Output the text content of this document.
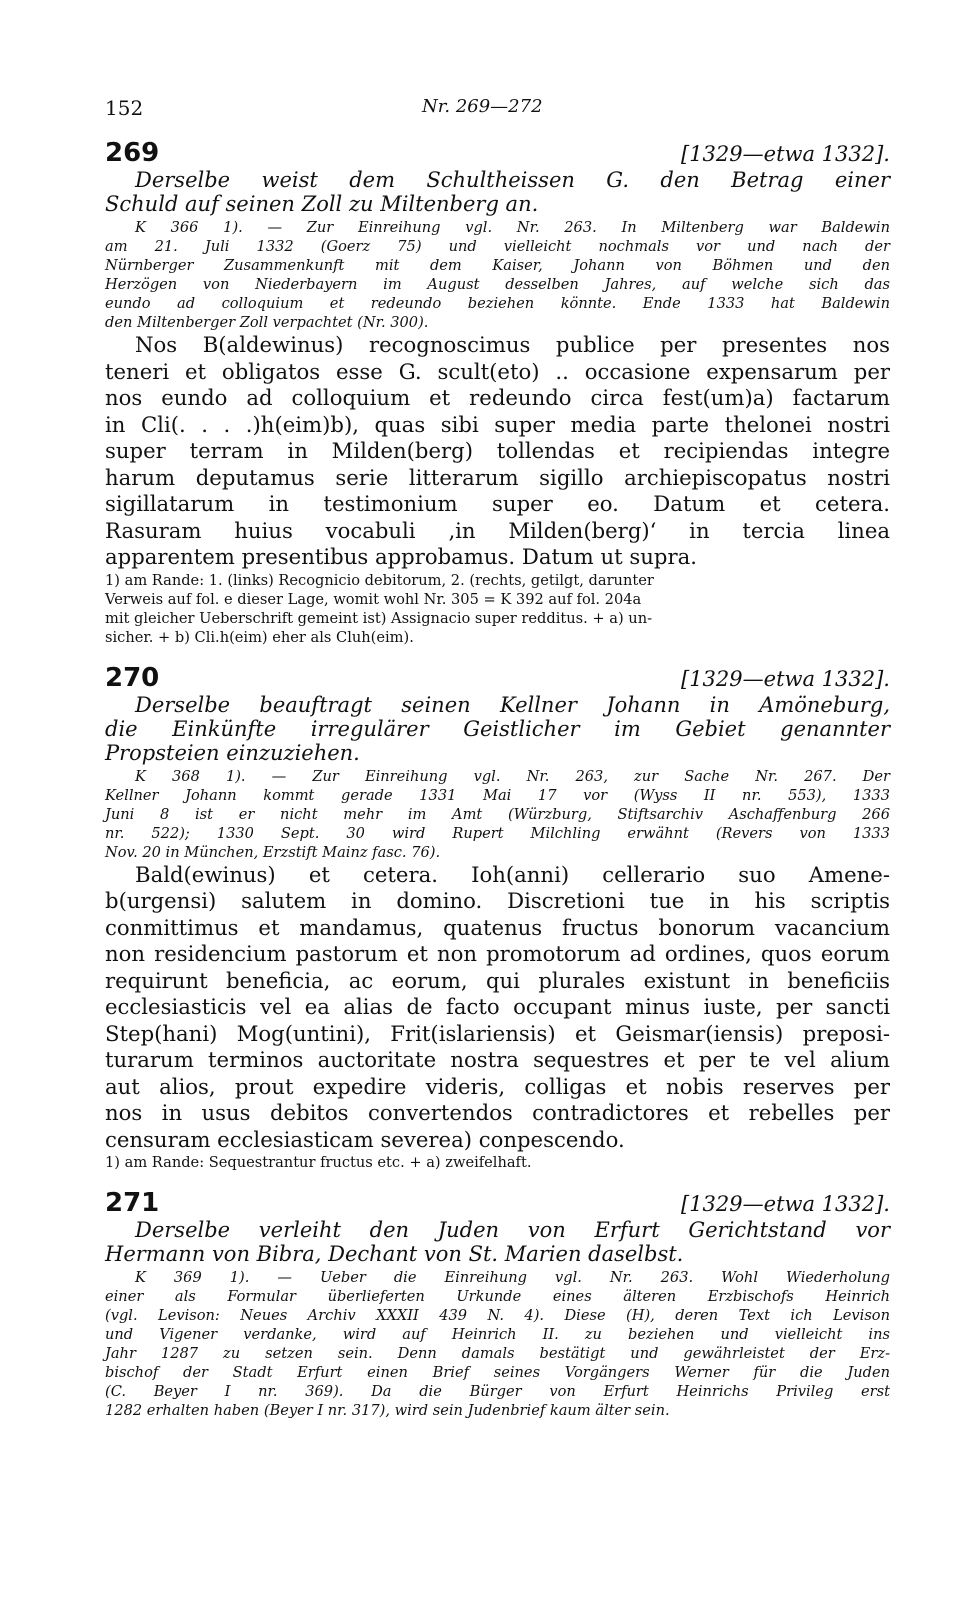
152	Nr. 269—272
269	[1329—etwa 1332].
Derselbe weist dem Schultheissen G. den Betrag einer
Schuld auf seinen Zoll zu Miltenberg an.
K 366 1). — Zur Einreihung vgl. Nr. 263. In Miltenberg war Baldewin
am 21. Juli 1332 (Goerz 75) und vielleicht nochmals vor und nach der
Nürnberger Zusammenkunft mit dem Kaiser, Johann von Böhmen und den
Herzögen von Niederbayern im August desselben Jahres, auf welche sich das
eundo ad colloquium et redeundo beziehen könnte. Ende 1333 hat Baldewin
den Miltenberger Zoll verpachtet (Nr. 300).
Nos B(aldewinus) recognoscimus publice per presentes nos
teneri et obligatos esse G. scult(eto) .. occasione expensarum per
nos eundo ad colloquium et redeundo circa fest(um)a) factarum
in Cli(. . . .)h(eim)b), quas sibi super media parte thelonei nostri
super terram in Milden(berg) tollendas et recipiendas integre
harum deputamus serie litterarum sigillo archiepiscopatus nostri
sigillatarum in testimonium super eo. Datum et cetera.
Rasuram huius vocabuli ‚in Milden(berg)‘ in tercia linea
apparentem presentibus approbamus. Datum ut supra.
1) am Rande: 1. (links) Recognicio debitorum, 2. (rechts, getilgt, darunter
Verweis auf fol. e dieser Lage, womit wohl Nr. 305 = K 392 auf fol. 204a
mit gleicher Ueberschrift gemeint ist) Assignacio super redditus. + a) un-
sicher. + b) Cli.h(eim) eher als Cluh(eim).
270	[1329—etwa 1332].
Derselbe beauftragt seinen Kellner Johann in Amöneburg,
die Einkünfte irregulärer Geistlicher im Gebiet genannter
Propsteien einzuziehen.
K 368 1). — Zur Einreihung vgl. Nr. 263, zur Sache Nr. 267. Der
Kellner Johann kommt gerade 1331 Mai 17 vor (Wyss II nr. 553), 1333
Juni 8 ist er nicht mehr im Amt (Würzburg, Stiftsarchiv Aschaffenburg 266
nr. 522); 1330 Sept. 30 wird Rupert Milchling erwähnt (Revers von 1333
Nov. 20 in München, Erzstift Mainz fasc. 76).
Bald(ewinus) et cetera. Ioh(anni) cellerario suo Amene-
b(urgensi) salutem in domino. Discretioni tue in his scriptis
conmittimus et mandamus, quatenus fructus bonorum vacancium
non residencium pastorum et non promotorum ad ordines, quos eorum
requirunt beneficia, ac eorum, qui plurales existunt in beneficiis
ecclesiasticis vel ea alias de facto occupant minus iuste, per sancti
Step(hani) Mog(untini), Frit(islariensis) et Geismar(iensis) preposi-
turarum terminos auctoritate nostra sequestres et per te vel alium
aut alios, prout expedire videris, colligas et nobis reserves per
nos in usus debitos convertendos contradictores et rebelles per
censuram ecclesiasticam severea) conpescendo.
1) am Rande: Sequestrantur fructus etc. + a) zweifelhaft.
271	[1329—etwa 1332].
Derselbe verleiht den Juden von Erfurt Gerichtstand vor
Hermann von Bibra, Dechant von St. Marien daselbst.
K 369 1). — Ueber die Einreihung vgl. Nr. 263. Wohl Wiederholung
einer als Formular überlieferten Urkunde eines älteren Erzbischofs Heinrich
(vgl. Levison: Neues Archiv XXXII 439 N. 4). Diese (H), deren Text ich Levison
und Vigener verdanke, wird auf Heinrich II. zu beziehen und vielleicht ins
Jahr 1287 zu setzen sein. Denn damals bestätigt und gewährleistet der Erz-
bischof der Stadt Erfurt einen Brief seines Vorgängers Werner für die Juden
(C. Beyer I nr. 369). Da die Bürger von Erfurt Heinrichs Privileg erst
1282 erhalten haben (Beyer I nr. 317), wird sein Judenbrief kaum älter sein.
